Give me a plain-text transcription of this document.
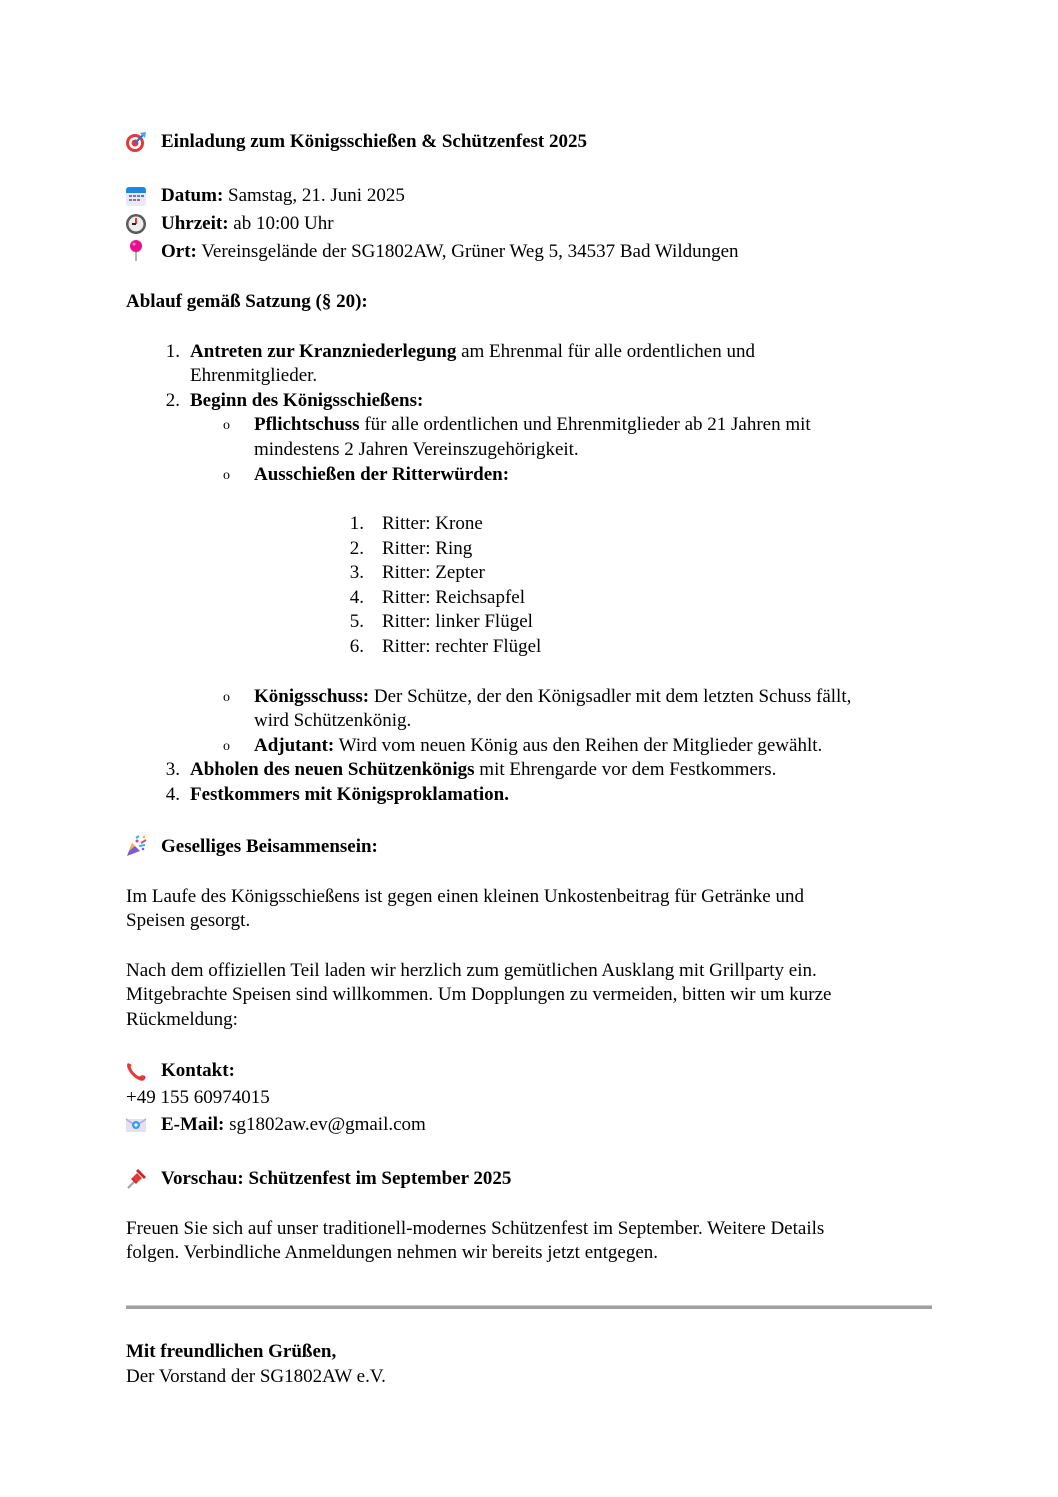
Einladung zum Königsschießen & Schützenfest 2025
Datum: Samstag, 21. Juni 2025
Uhrzeit: ab 10:00 Uhr
Ort: Vereinsgelände der SG1802AW, Grüner Weg 5, 34537 Bad Wildungen
Ablauf gemäß Satzung (§ 20):
1. Antreten zur Kranzniederlegung am Ehrenmal für alle ordentlichen und
Ehrenmitglieder.
2. Beginn des Königsschießens:
o Pflichtschuss für alle ordentlichen und Ehrenmitglieder ab 21 Jahren mit
mindestens 2 Jahren Vereinszugehörigkeit.
o Ausschießen der Ritterwürden:
1. Ritter: Krone
2. Ritter: Ring
3. Ritter: Zepter
4. Ritter: Reichsapfel
5. Ritter: linker Flügel
6. Ritter: rechter Flügel
o Königsschuss: Der Schütze, der den Königsadler mit dem letzten Schuss fällt,
wird Schützenkönig.
o Adjutant: Wird vom neuen König aus den Reihen der Mitglieder gewählt.
3. Abholen des neuen Schützenkönigs mit Ehrengarde vor dem Festkommers.
4. Festkommers mit Königsproklamation.
Geselliges Beisammensein:
Im Laufe des Königsschießens ist gegen einen kleinen Unkostenbeitrag für Getränke und
Speisen gesorgt.
Nach dem offiziellen Teil laden wir herzlich zum gemütlichen Ausklang mit Grillparty ein.
Mitgebrachte Speisen sind willkommen. Um Dopplungen zu vermeiden, bitten wir um kurze
Rückmeldung:
Kontakt:
+49 155 60974015
E-Mail: sg1802aw.ev@gmail.com
Vorschau: Schützenfest im September 2025
Freuen Sie sich auf unser traditionell-modernes Schützenfest im September. Weitere Details
folgen. Verbindliche Anmeldungen nehmen wir bereits jetzt entgegen.
Mit freundlichen Grüßen,
Der Vorstand der SG1802AW e.V.
